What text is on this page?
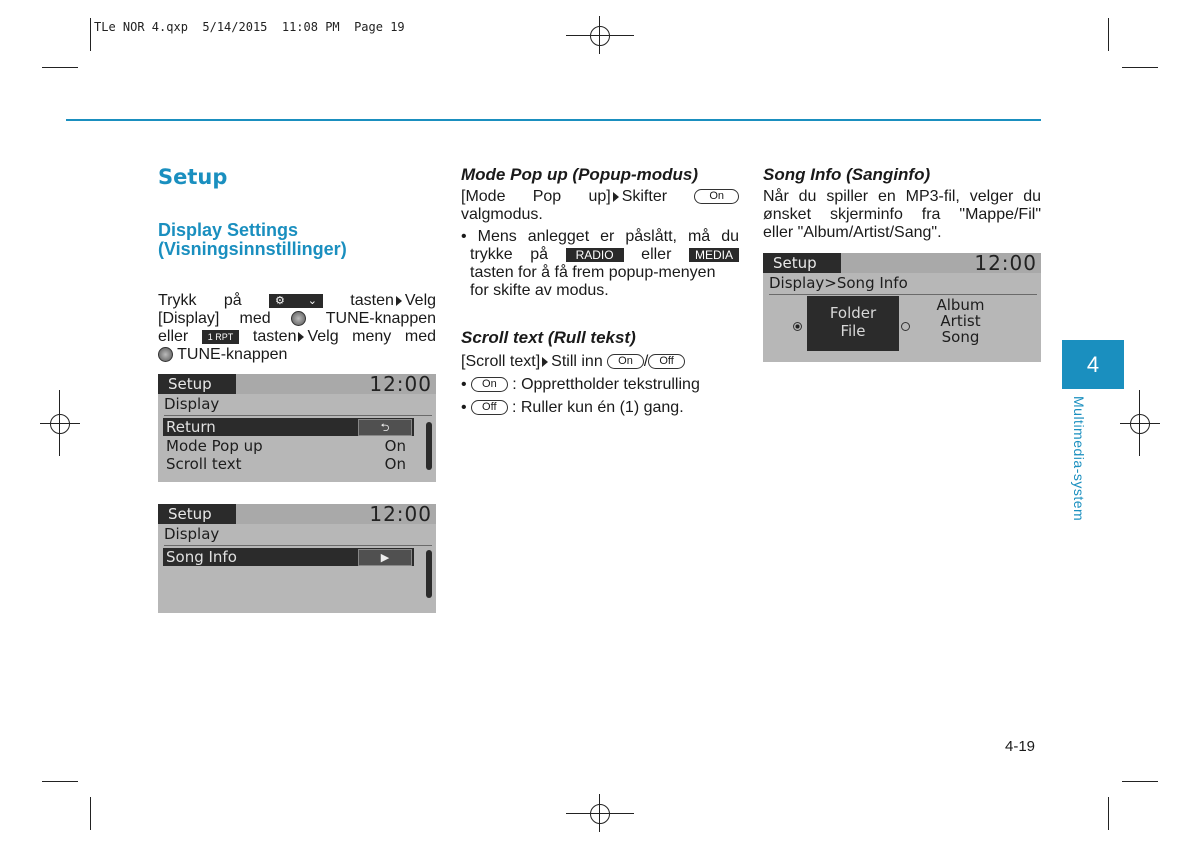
TLe NOR 4.qxp  5/14/2015  11:08 PM  Page 19
Setup
Display Settings
(Visningsinnstillinger)
Trykk på	⚙ ⌄ tasten Velg
[Display] med	TUNE-knappen
eller 1 RPT tasten Velg meny med
TUNE-knappen
Setup	12:00
Display
Return	⮌
Mode Pop up	On
Scroll text	On
Setup	12:00
Display
Song Info	▶
Mode Pop up (Popup-modus)
[Mode Pop up] Skifter	On
valgmodus.
• Mens anlegget er påslått, må du
trykke på RADIO eller MEDIA
tasten for å få frem popup-menyen
for skifte av modus.
Scroll text (Rull tekst)
[Scroll text] Still inn On / Off
• On : Opprettholder tekstrulling
• Off : Ruller kun én (1) gang.
Song Info (Sanginfo)
Når du spiller en MP3-fil, velger du
ønsket skjerminfo fra "Mappe/Fil"
eller "Album/Artist/Sang".
Setup	12:00
Display>Song Info
Folder
File
Album
Artist
Song
4
Multimedia-system
4-19
